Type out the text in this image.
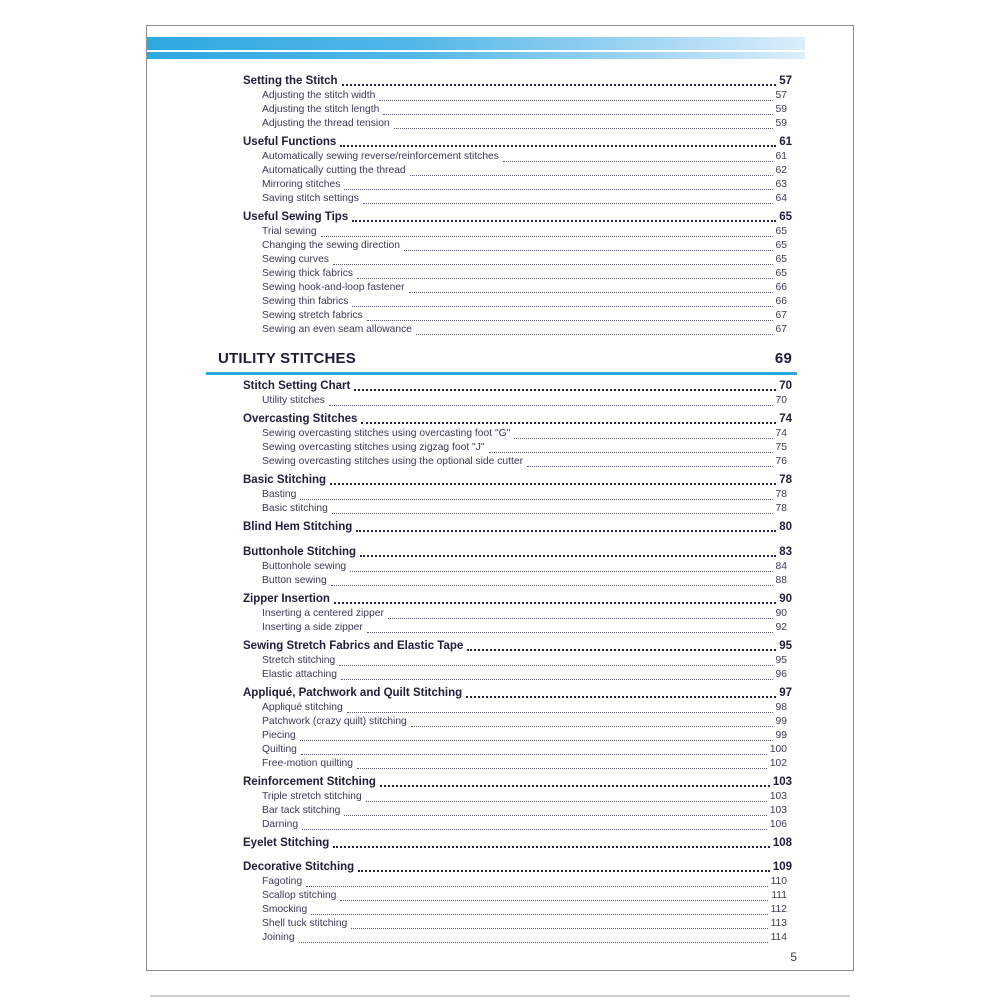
Setting the Stitch	57
Adjusting the stitch width	57
Adjusting the stitch length	59
Adjusting the thread tension	59
Useful Functions	61
Automatically sewing reverse/reinforcement stitches	61
Automatically cutting the thread	62
Mirroring stitches	63
Saving stitch settings	64
Useful Sewing Tips	65
Trial sewing	65
Changing the sewing direction	65
Sewing curves	65
Sewing thick fabrics	65
Sewing hook-and-loop fastener	66
Sewing thin fabrics	66
Sewing stretch fabrics	67
Sewing an even seam allowance	67
UTILITY STITCHES	69
Stitch Setting Chart	70
Utility stitches	70
Overcasting Stitches	74
Sewing overcasting stitches using overcasting foot "G"	74
Sewing overcasting stitches using zigzag foot "J"	75
Sewing overcasting stitches using the optional side cutter	76
Basic Stitching	78
Basting	78
Basic stitching	78
Blind Hem Stitching	80
Buttonhole Stitching	83
Buttonhole sewing	84
Button sewing	88
Zipper Insertion	90
Inserting a centered zipper	90
Inserting a side zipper	92
Sewing Stretch Fabrics and Elastic Tape	95
Stretch stitching	95
Elastic attaching	96
Appliqué, Patchwork and Quilt Stitching	97
Appliqué stitching	98
Patchwork (crazy quilt) stitching	99
Piecing	99
Quilting	100
Free-motion quilting	102
Reinforcement Stitching	103
Triple stretch stitching	103
Bar tack stitching	103
Darning	106
Eyelet Stitching	108
Decorative Stitching	109
Fagoting	110
Scallop stitching	111
Smocking	112
Shell tuck stitching	113
Joining	114
5
